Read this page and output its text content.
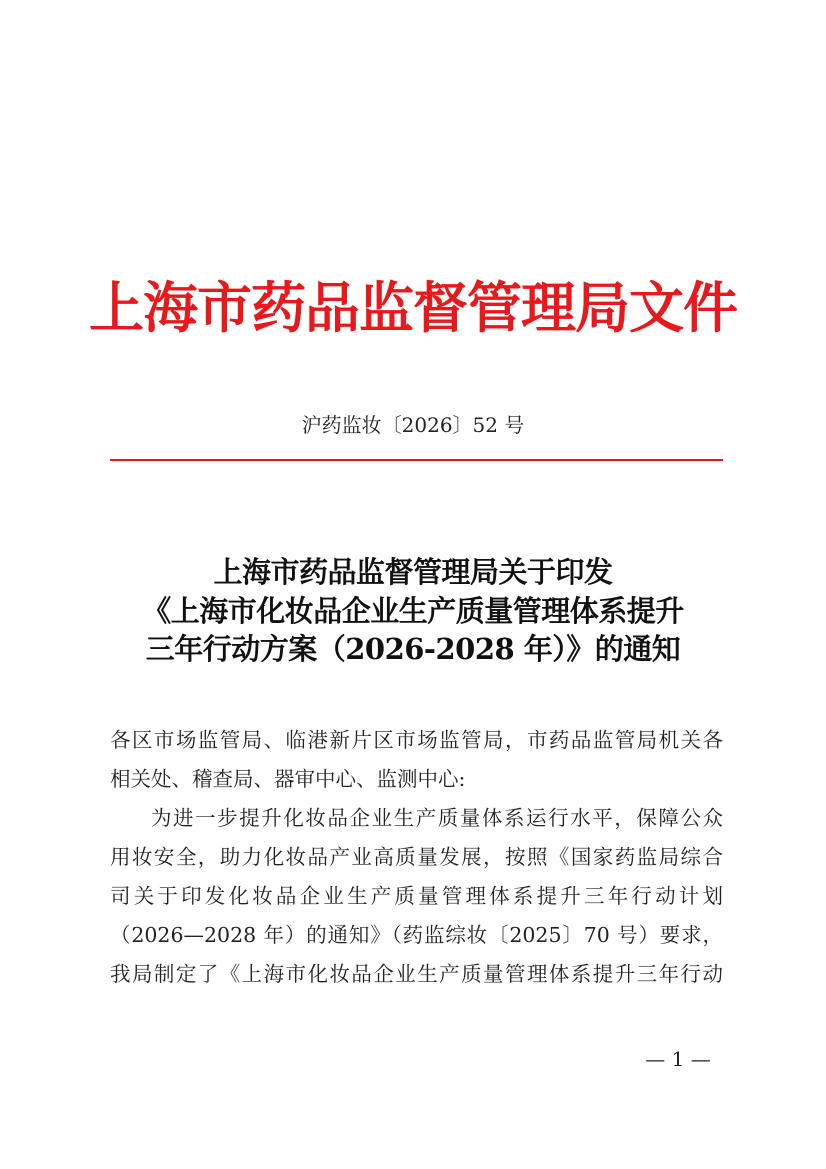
上海市药品监督管理局文件
沪药监妆〔2026〕52 号
上海市药品监督管理局关于印发
《上海市化妆品企业生产质量管理体系提升
三年行动方案（2026-2028 年）》的通知
各区市场监管局、临港新片区市场监管局，市药品监管局机关各
相关处、稽查局、器审中心、监测中心:
为进一步提升化妆品企业生产质量体系运行水平，保障公众
用妆安全，助力化妆品产业高质量发展，按照《国家药监局综合
司关于印发化妆品企业生产质量管理体系提升三年行动计划
（2026—2028 年）的通知》（药监综妆〔2025〕70 号）要求，
我局制定了《上海市化妆品企业生产质量管理体系提升三年行动
— 1 —
